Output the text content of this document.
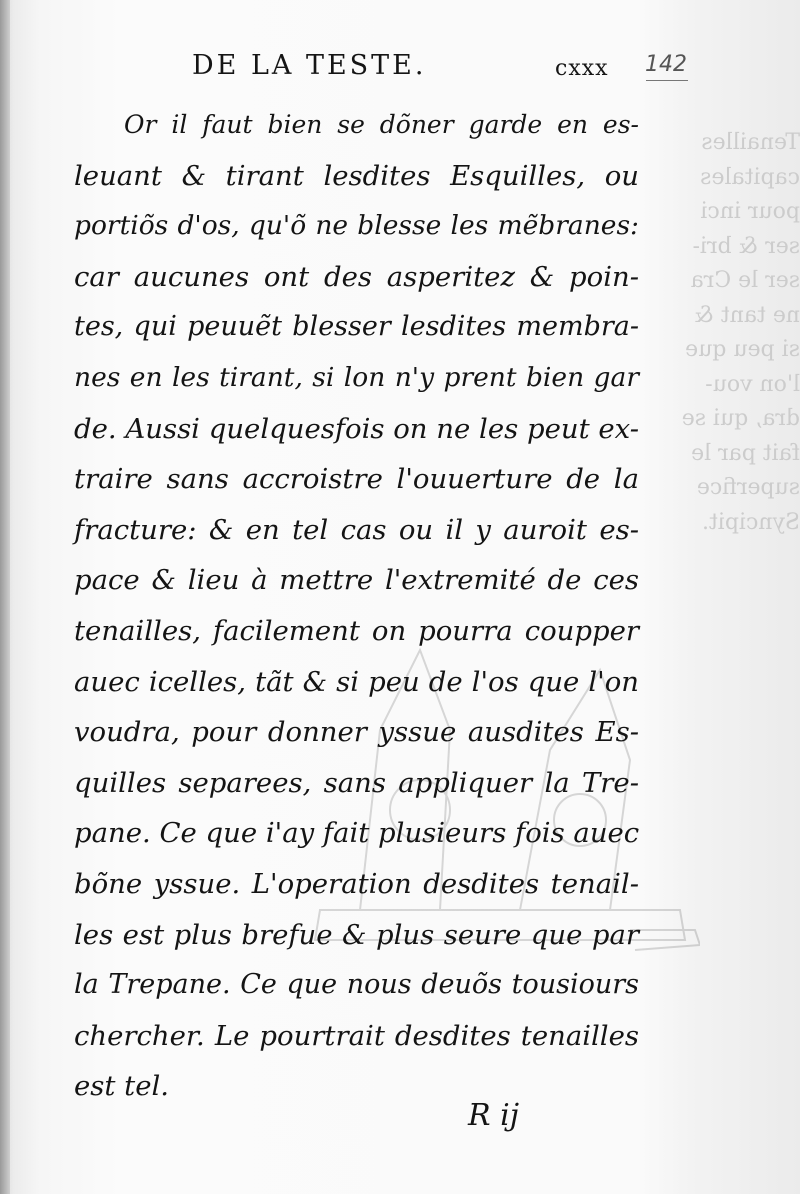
Tenailles
capitales
pour inci
ser & bri-
ser le Cra
ne tant &
si peu que
l'on vou-
dra, qui se
fait par le
superfice
Syncipit.
DE LA TESTE.	cxxx 142
Or il faut bien se dõner garde en es-
leuant & tirant lesdites Esquilles, ou
portiõs d'os, qu'õ ne blesse les mẽbranes:
car aucunes ont des asperitez & poin-
tes, qui peuuẽt blesser lesdites membra-
nes en les tirant, si lon n'y prent bien gar
de. Aussi quelquesfois on ne les peut ex-
traire sans accroistre l'ouuerture de la
fracture: & en tel cas ou il y auroit es-
pace & lieu à mettre l'extremité de ces
tenailles, facilement on pourra coupper
auec icelles, tãt & si peu de l'os que l'on
voudra, pour donner yssue ausdites Es-
quilles separees, sans appliquer la Tre-
pane. Ce que i'ay fait plusieurs fois auec
bõne yssue. L'operation desdites tenail-
les est plus brefue & plus seure que par
la Trepane. Ce que nous deuõs tousiours
chercher. Le pourtrait desdites tenailles
est tel.
R ij
